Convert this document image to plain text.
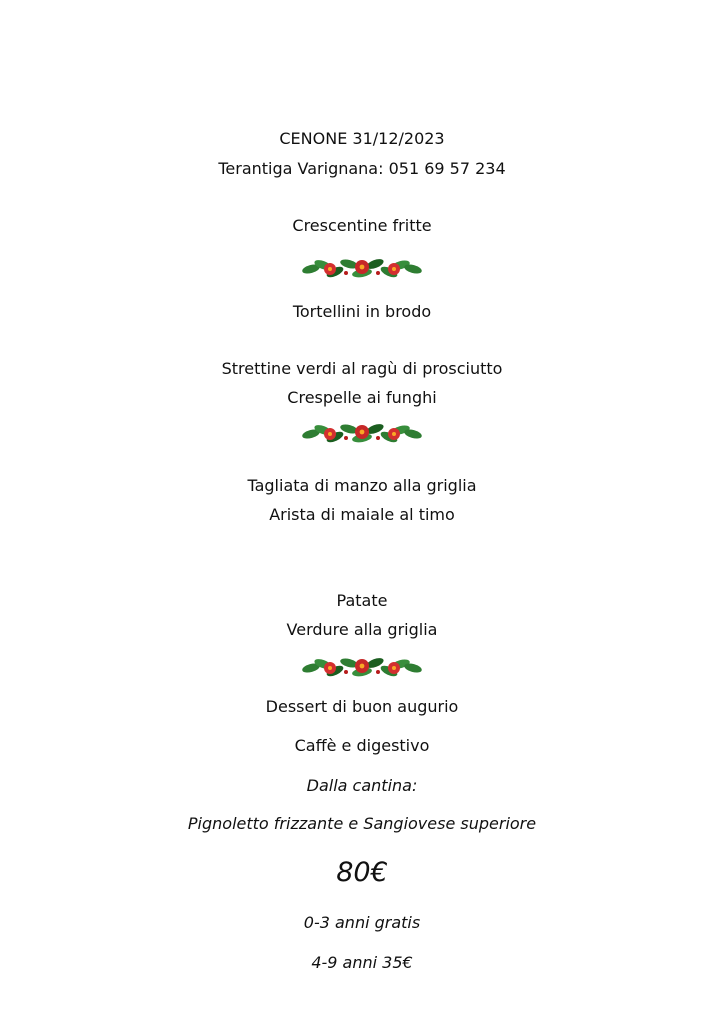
CENONE 31/12/2023
Terantiga Varignana: 051 69 57 234
Crescentine fritte
Tortellini in brodo
Strettine verdi al ragù di prosciutto
Crespelle ai funghi
Tagliata di manzo alla griglia
Arista di maiale al timo
Patate
Verdure alla griglia
Dessert di buon augurio
Caffè e digestivo
Dalla cantina:
Pignoletto frizzante e Sangiovese superiore
80€
0-3 anni gratis
4-9 anni 35€
